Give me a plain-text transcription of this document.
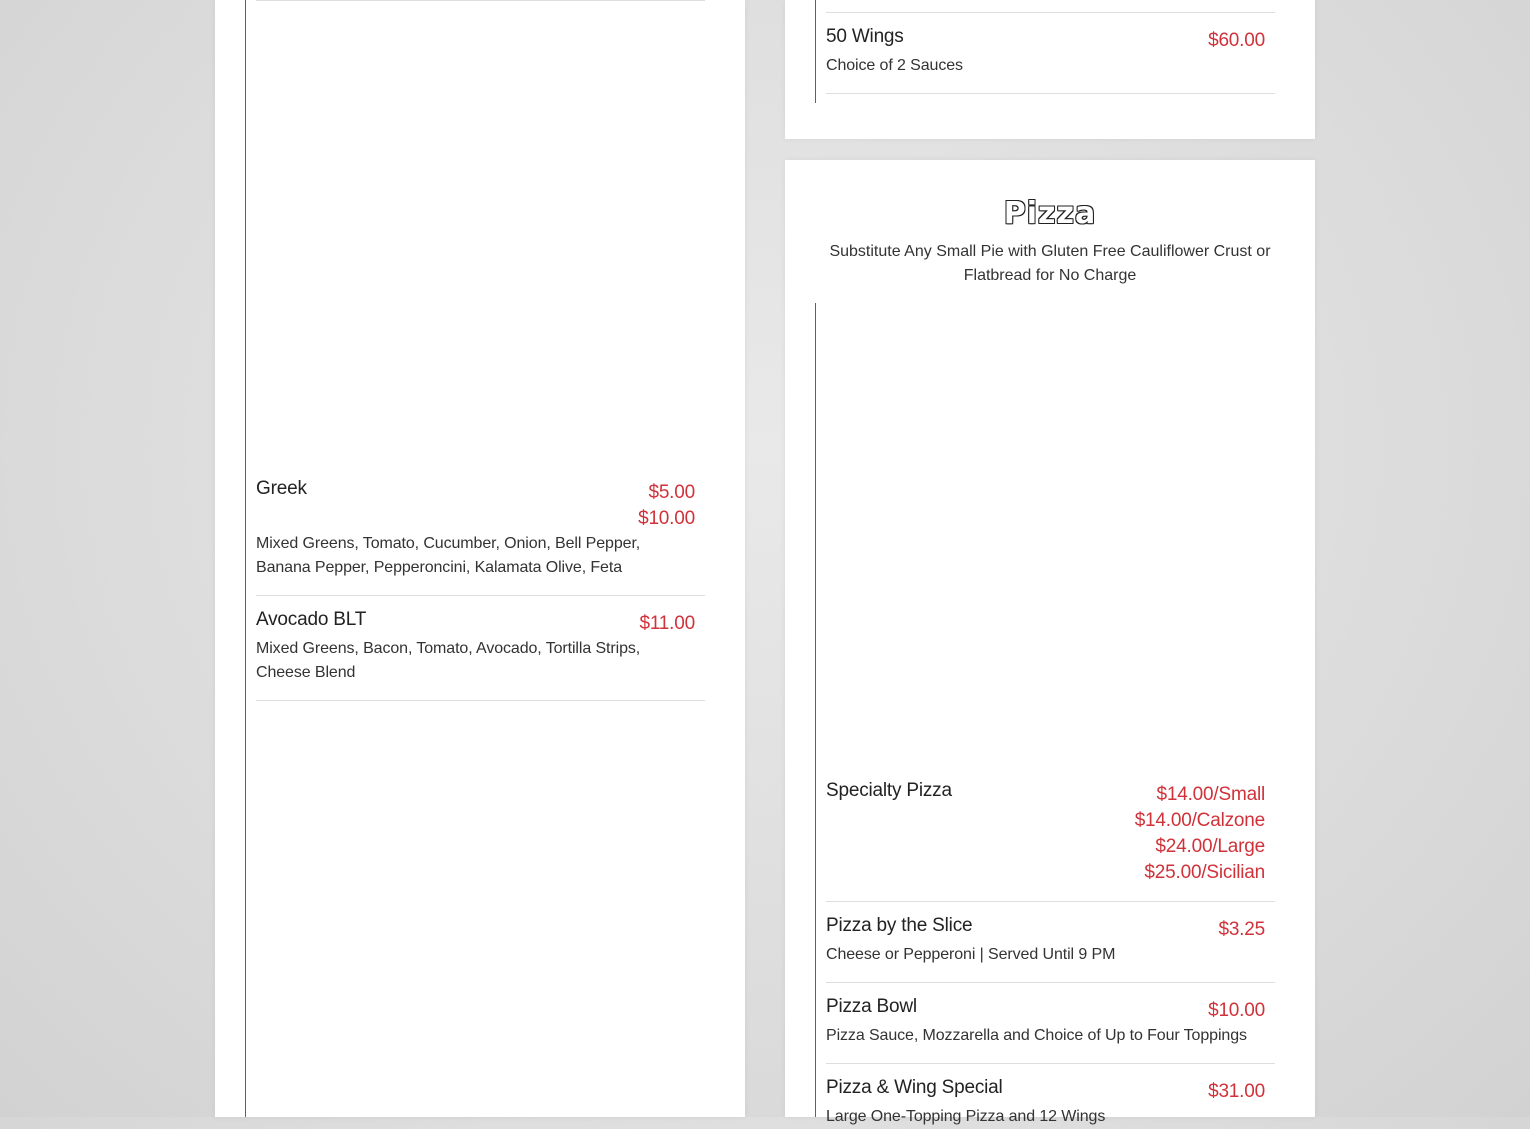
Greek	$5.00
$10.00
Mixed Greens, Tomato, Cucumber, Onion, Bell Pepper, Banana Pepper, Pepperoncini, Kalamata Olive, Feta
Avocado BLT	$11.00
Mixed Greens, Bacon, Tomato, Avocado, Tortilla Strips, Cheese Blend
50 Wings	$60.00
Choice of 2 Sauces
Pizza
Substitute Any Small Pie with Gluten Free Cauliflower Crust or Flatbread for No Charge
Specialty Pizza	$14.00/Small
$14.00/Calzone
$24.00/Large
$25.00/Sicilian
Pizza by the Slice	$3.25
Cheese or Pepperoni | Served Until 9 PM
Pizza Bowl	$10.00
Pizza Sauce, Mozzarella and Choice of Up to Four Toppings
Pizza & Wing Special	$31.00
Large One-Topping Pizza and 12 Wings
